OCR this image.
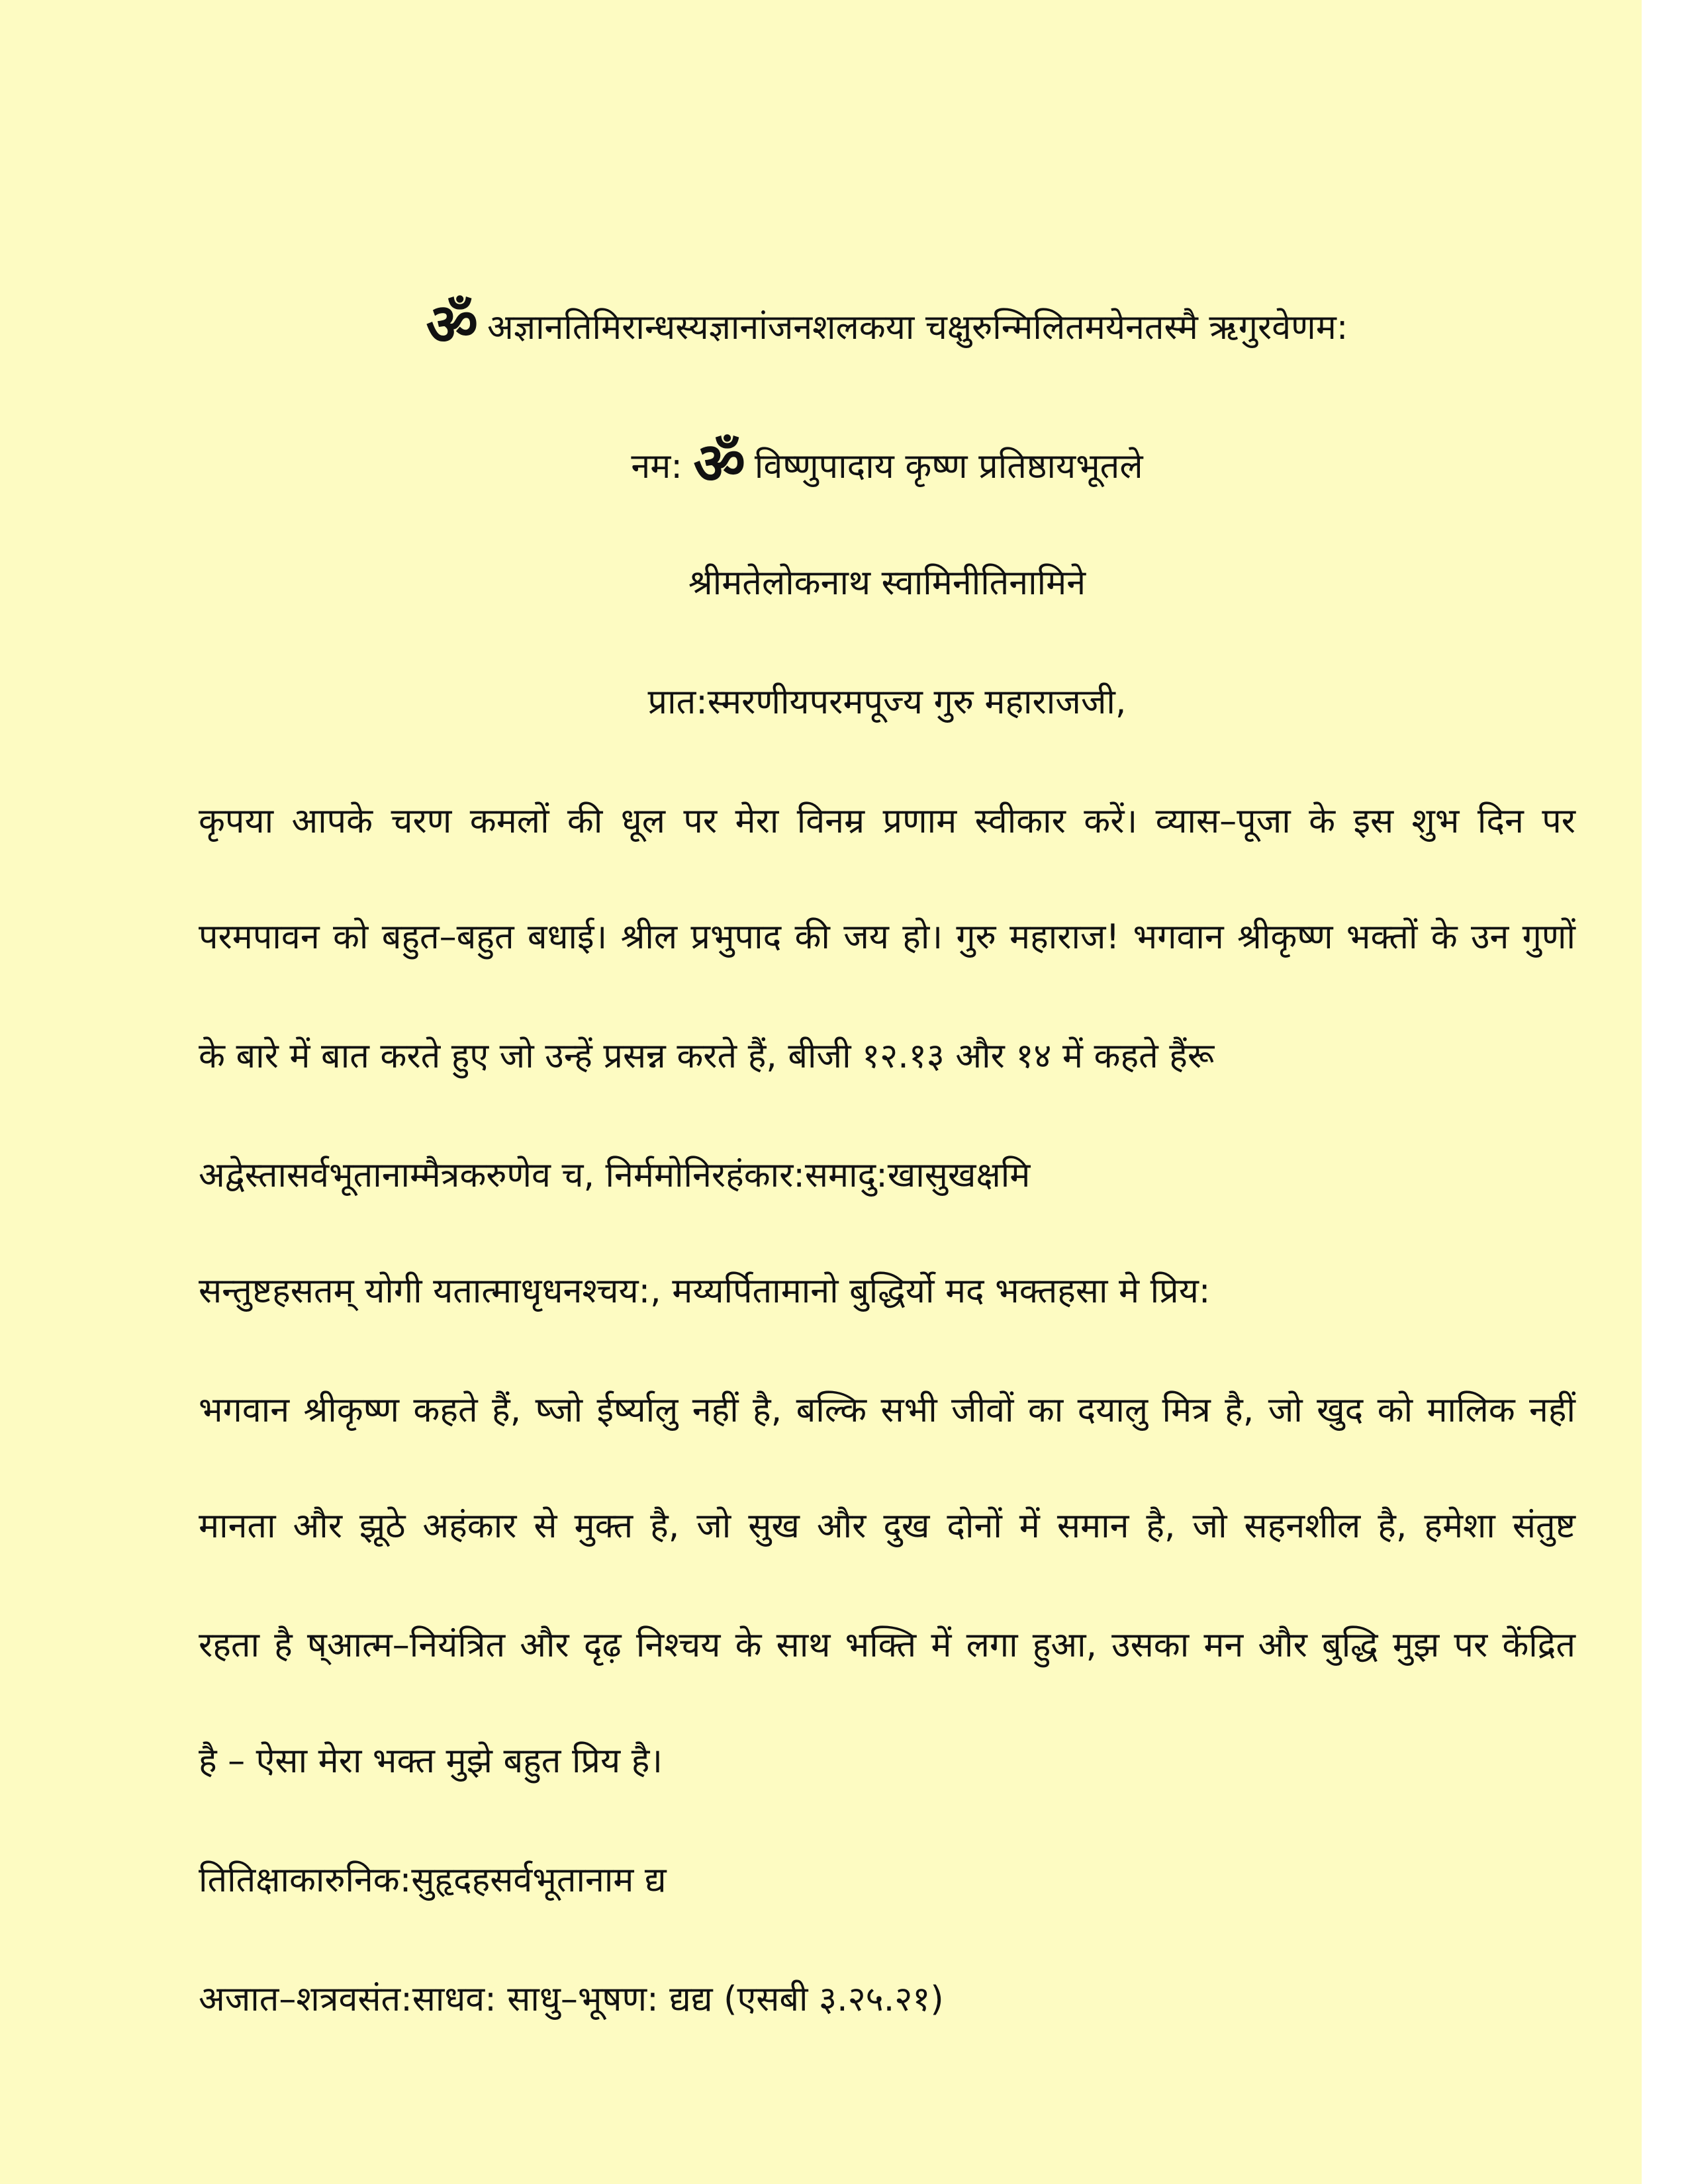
ॐअज्ञानतिमिरान्धस्यज्ञानांजनशलकया चक्षुरुन्मिलितमयेनतस्मै ऋगुरवेणम:
नम: ॐ विष्णुपादाय कृष्ण प्रतिष्ठायभूतले
श्रीमतेलोकनाथ स्वामिनीतिनामिने
प्रात:स्मरणीयपरमपूज्य गुरु महाराजजी,
कृपया आपके चरण कमलों की धूल पर मेरा विनम्र प्रणाम स्वीकार करें। व्यास–पूजा के इस शुभ दिन पर
परमपावन को बहुत–बहुत बधाई। श्रील प्रभुपाद की जय हो। गुरु महाराज! भगवान श्रीकृष्ण भक्तों के उन गुणों
के बारे में बात करते हुए जो उन्हें प्रसन्न करते हैं, बीजी १२.१३ और १४ में कहते हैंरू
अद्वेस्तासर्वभूतानाम्मैत्रकरुणेव च, निर्ममोनिरहंकार:समादु:खासुखक्षमि
सन्तुष्टहसतम् योगी यतात्माधृधनश्चय:, मय्यर्पितामानो बुद्धिर्यो मद भक्तहसा मे प्रिय:
भगवान श्रीकृष्ण कहते हैं, ष्जो ईर्ष्यालु नहीं है, बल्कि सभी जीवों का दयालु मित्र है, जो खुद को मालिक नहीं
मानता और झूठे अहंकार से मुक्त है, जो सुख और दुख दोनों में समान है, जो सहनशील है, हमेशा संतुष्ट
रहता है ष्आत्म–नियंत्रित और दृढ़ निश्चय के साथ भक्ति में लगा हुआ, उसका मन और बुद्धि मुझ पर केंद्रित
है – ऐसा मेरा भक्त मुझे बहुत प्रिय है।
तितिक्षाकारुनिक:सुहृदहसर्वभूतानाम द्य
अजात–शत्रवसंत:साधव: साधु–भूषण: द्यद्य (एसबी ३.२५.२१)
